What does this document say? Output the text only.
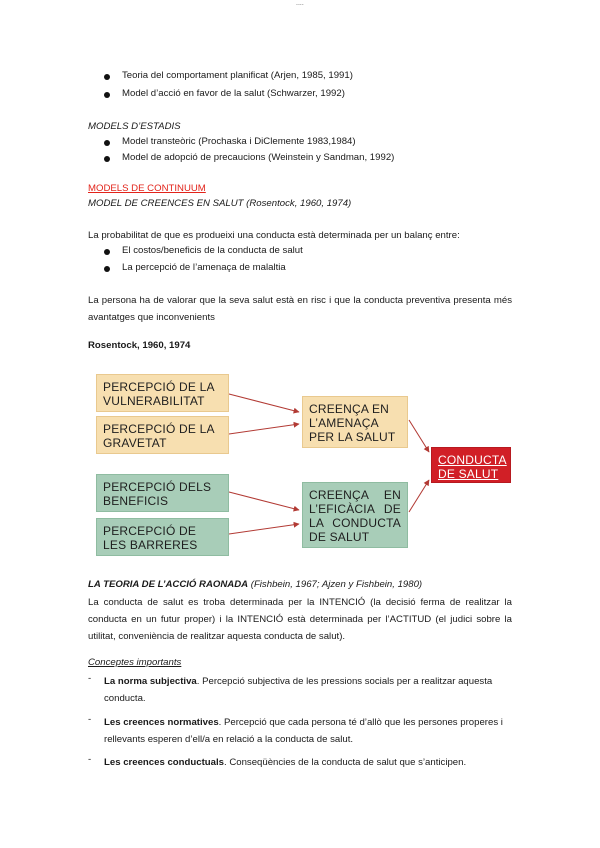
....
Teoria del comportament planificat (Arjen, 1985, 1991)
Model d’acció en favor de la salut (Schwarzer, 1992)
MODELS D’ESTADIS
Model transteòric (Prochaska i DiClemente 1983,1984)
Model de adopció de precaucions (Weinstein y Sandman, 1992)
MODELS DE CONTINUUM
MODEL DE CREENCES EN SALUT (Rosentock, 1960, 1974)
La probabilitat de que es produeixi una conducta està determinada per un balanç entre:
El costos/beneficis de la conducta de salut
La percepció de l’amenaça de malaltia
La persona ha de valorar que la seva salut està en risc i que la conducta preventiva presenta més avantatges que inconvenients
Rosentock, 1960, 1974
PERCEPCIÓ DE LA VULNERABILITAT
PERCEPCIÓ DE LA GRAVETAT
PERCEPCIÓ DELS BENEFICIS
PERCEPCIÓ DE LES BARRERES
CREENÇA EN L’AMENAÇA PER LA SALUT
CREENÇA EN L’EFICÀCIA DE LA CONDUCTA DE SALUT
CONDUCTA DE SALUT
LA TEORIA DE L’ACCIÓ RAONADA (Fishbein, 1967; Ajzen y Fishbein, 1980)
La conducta de salut es troba determinada per la INTENCIÓ (la decisió ferma de realitzar la conducta en un futur proper) i la INTENCIÓ està determinada per l’ACTITUD (el judici sobre la utilitat, conveniència de realitzar aquesta conducta de salut).
Conceptes importants
- La norma subjectiva. Percepció subjectiva de les pressions socials per a realitzar aquesta conducta.
- Les creences normatives. Percepció que cada persona té d’allò que les persones properes i rellevants esperen d’ell/a en relació a la conducta de salut.
- Les creences conductuals. Conseqüències de la conducta de salut que s’anticipen.
